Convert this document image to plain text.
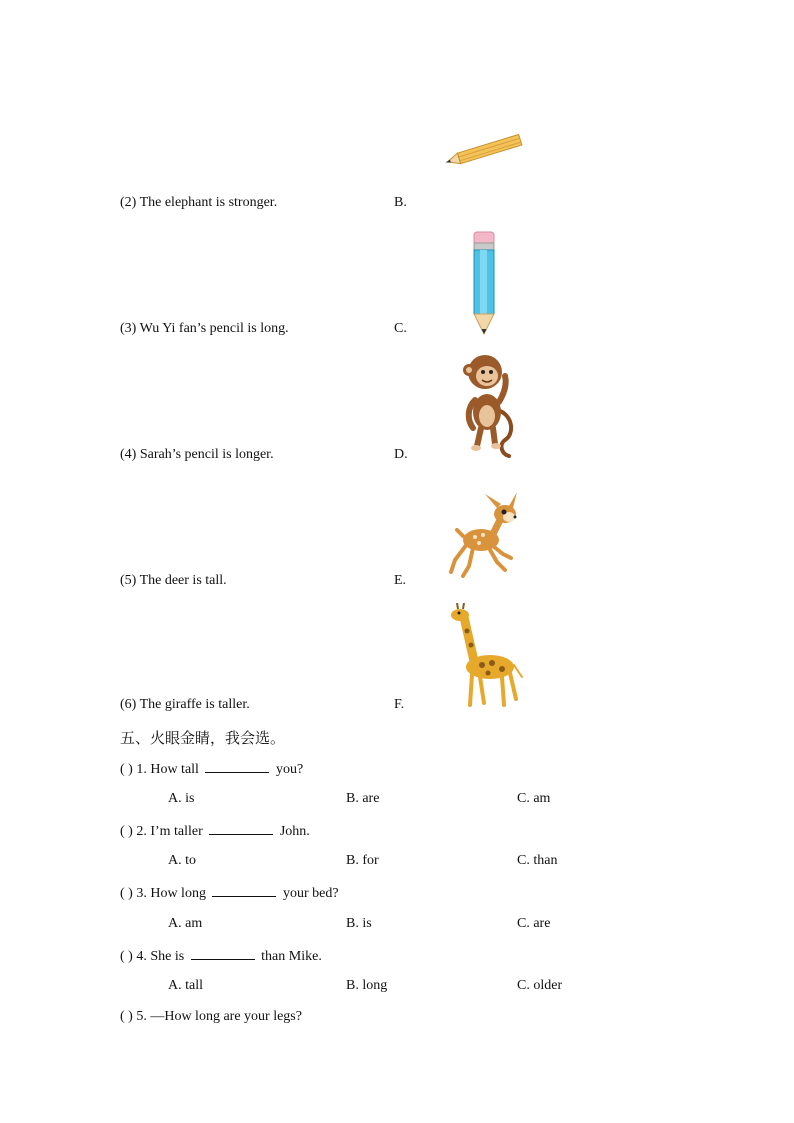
(2) The elephant is stronger.	B.
(3) Wu Yi fan’s pencil is long.	C.
(4) Sarah’s pencil is longer.	D.
(5) The deer is tall.	E.
(6) The giraffe is taller.	F.
五、火眼金睛，我会选。
( ) 1. How tall	you?
A. is	B. are	C. am
( ) 2. I’m taller	John.
A. to	B. for	C. than
( ) 3. How long	your bed?
A. am	B. is	C. are
( ) 4. She is	than Mike.
A. tall	B. long	C. older
( ) 5. —How long are your legs?
